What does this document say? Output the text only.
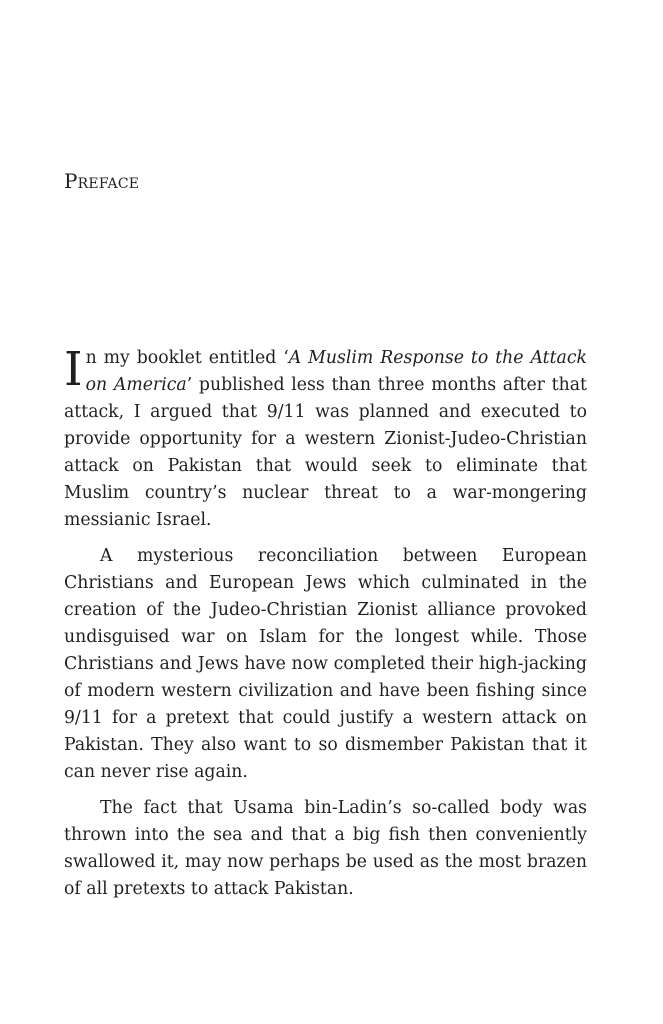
Preface

In my booklet entitled ‘A Muslim Response to the Attack on America’ published less than three months after that attack, I argued that 9/11 was planned and executed to provide opportunity for a western Zionist-Judeo-Christian attack on Pakistan that would seek to eliminate that Muslim country’s nuclear threat to a war-mongering messianic Israel.

A mysterious reconciliation between European Christians and European Jews which culminated in the creation of the Judeo-Christian Zionist alliance provoked undisguised war on Islam for the longest while. Those Christians and Jews have now completed their high-jacking of modern western civilization and have been fishing since 9/11 for a pretext that could justify a western attack on Pakistan. They also want to so dismember Pakistan that it can never rise again.

The fact that Usama bin-Ladin’s so-called body was thrown into the sea and that a big fish then conveniently swallowed it, may now perhaps be used as the most brazen of all pretexts to attack Pakistan.
